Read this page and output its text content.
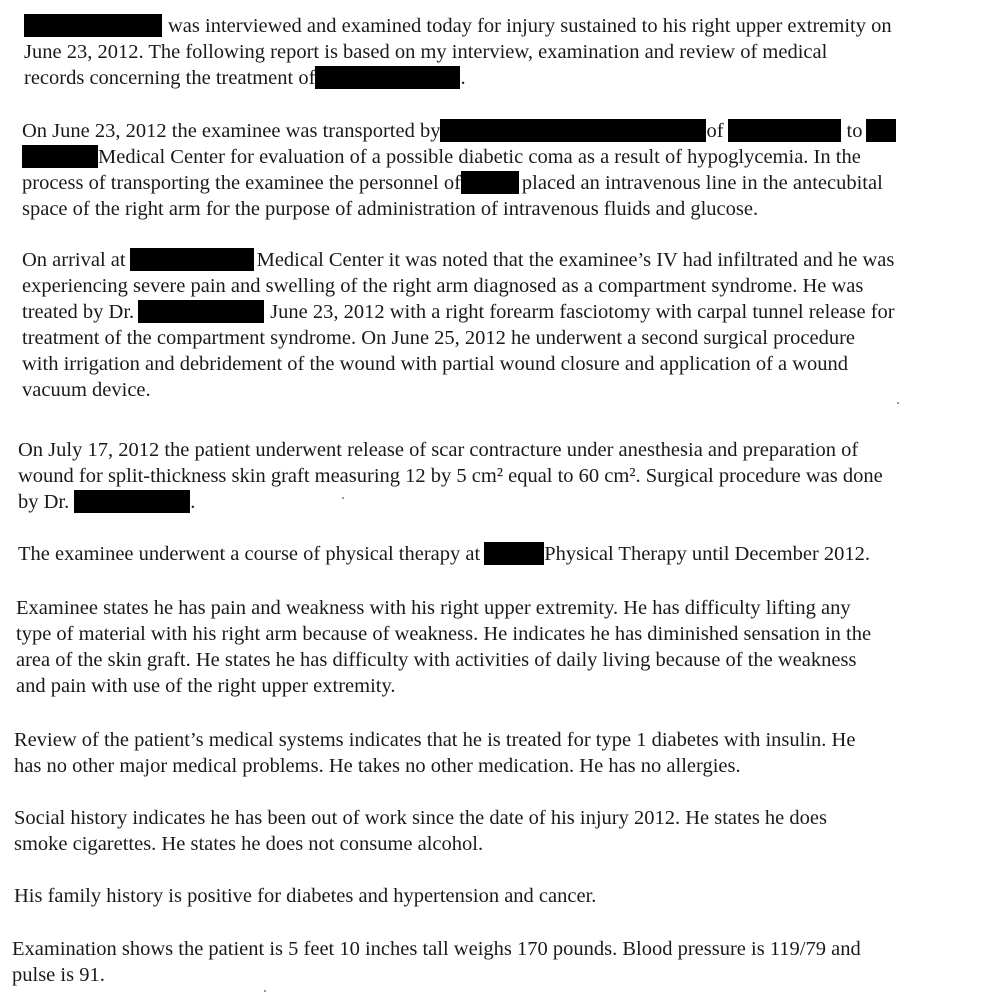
was interviewed and examined today for injury sustained to his right upper extremity on
June 23, 2012. The following report is based on my interview, examination and review of medical
records concerning the treatment of	.
On June 23, 2012 the examinee was transported by	of	to
Medical Center for evaluation of a possible diabetic coma as a result of hypoglycemia. In the
process of transporting the examinee the personnel of	placed an intravenous line in the antecubital
space of the right arm for the purpose of administration of intravenous fluids and glucose.
On arrival at	Medical Center it was noted that the examinee’s IV had infiltrated and he was
experiencing severe pain and swelling of the right arm diagnosed as a compartment syndrome. He was
treated by Dr.	June 23, 2012 with a right forearm fasciotomy with carpal tunnel release for
treatment of the compartment syndrome. On June 25, 2012 he underwent a second surgical procedure
with irrigation and debridement of the wound with partial wound closure and application of a wound
vacuum device.
On July 17, 2012 the patient underwent release of scar contracture under anesthesia and preparation of
wound for split-thickness skin graft measuring 12 by 5 cm² equal to 60 cm². Surgical procedure was done
by Dr.	.
The examinee underwent a course of physical therapy at	Physical Therapy until December 2012.
Examinee states he has pain and weakness with his right upper extremity. He has difficulty lifting any
type of material with his right arm because of weakness. He indicates he has diminished sensation in the
area of the skin graft. He states he has difficulty with activities of daily living because of the weakness
and pain with use of the right upper extremity.
Review of the patient’s medical systems indicates that he is treated for type 1 diabetes with insulin. He
has no other major medical problems. He takes no other medication. He has no allergies.
Social history indicates he has been out of work since the date of his injury 2012. He states he does
smoke cigarettes. He states he does not consume alcohol.
His family history is positive for diabetes and hypertension and cancer.
Examination shows the patient is 5 feet 10 inches tall weighs 170 pounds. Blood pressure is 119/79 and
pulse is 91.
